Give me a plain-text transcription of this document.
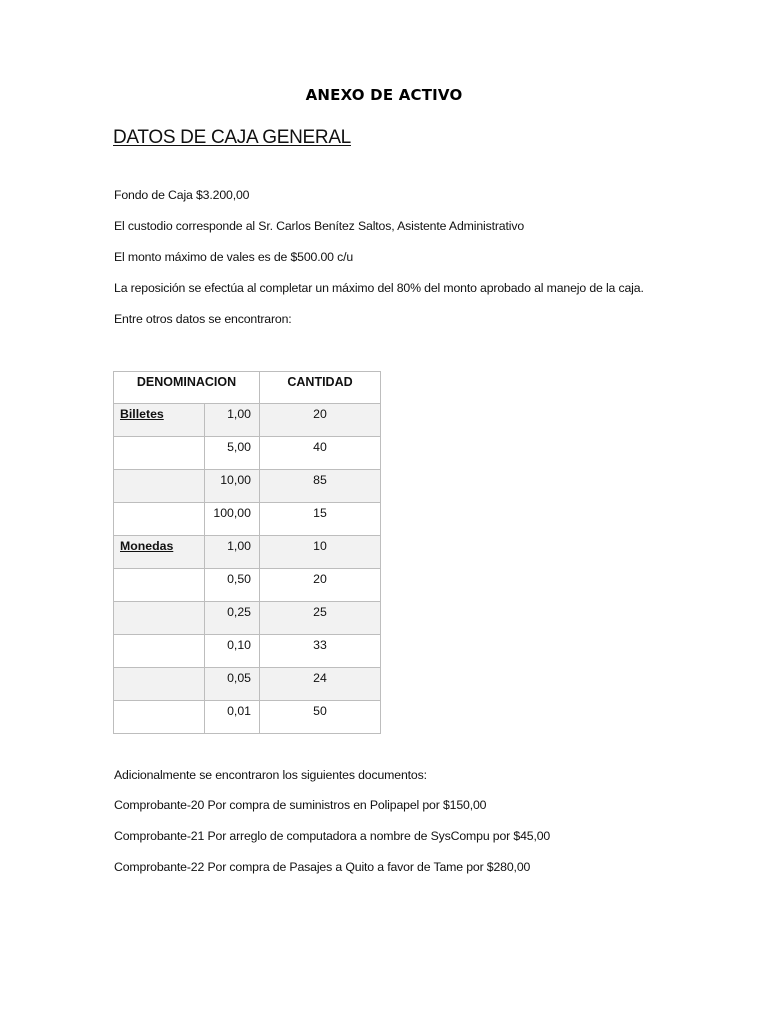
ANEXO DE ACTIVO
DATOS DE CAJA GENERAL
Fondo de Caja $3.200,00
El custodio corresponde al Sr. Carlos Benítez Saltos, Asistente Administrativo
El monto máximo de vales es de $500.00 c/u
La reposición se efectúa al completar un máximo del 80% del monto aprobado al manejo de la caja.
Entre otros datos se encontraron:
DENOMINACION		CANTIDAD
Billetes	1,00	20
	5,00	40
	10,00	85
	100,00	15
Monedas	1,00	10
	0,50	20
	0,25	25
	0,10	33
	0,05	24
	0,01	50
Adicionalmente se encontraron los siguientes documentos:
Comprobante-20 Por compra de suministros en Polipapel por $150,00
Comprobante-21 Por arreglo de computadora a nombre de SysCompu por $45,00
Comprobante-22 Por compra de Pasajes a Quito a favor de Tame por $280,00
